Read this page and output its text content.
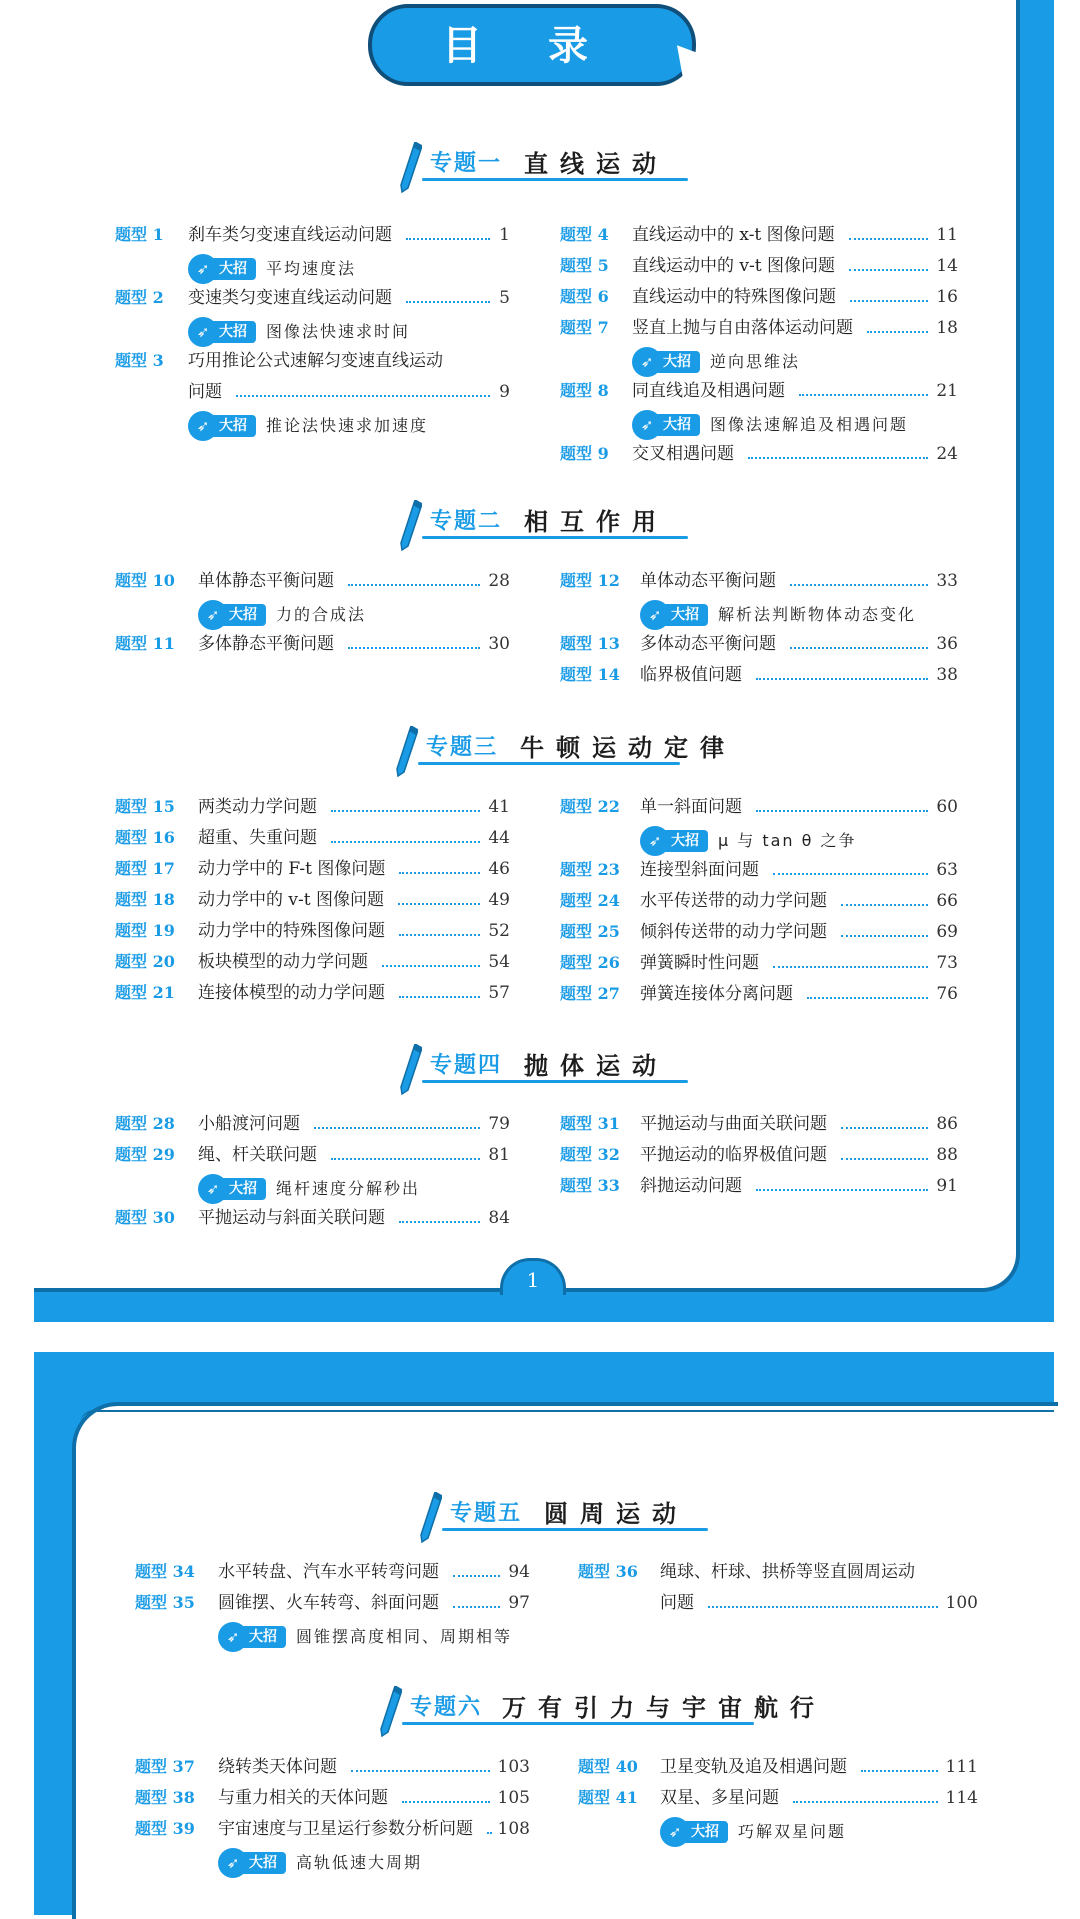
1
目 录
专题一 直线运动
题型 1 刹车类匀变速直线运动问题	1
➶ 大招	平均速度法
题型 2 变速类匀变速直线运动问题	5
➶ 大招	图像法快速求时间
题型 3 巧用推论公式速解匀变速直线运动
问题	9
➶ 大招	推论法快速求加速度
题型 4 直线运动中的 x-t 图像问题	11
题型 5 直线运动中的 v-t 图像问题	14
题型 6 直线运动中的特殊图像问题	16
题型 7 竖直上抛与自由落体运动问题	18
➶ 大招	逆向思维法
题型 8 同直线追及相遇问题	21
➶ 大招	图像法速解追及相遇问题
题型 9 交叉相遇问题	24
专题二 相互作用
题型 10 单体静态平衡问题	28
➶ 大招	力的合成法
题型 11 多体静态平衡问题	30
题型 12 单体动态平衡问题	33
➶ 大招	解析法判断物体动态变化
题型 13 多体动态平衡问题	36
题型 14 临界极值问题	38
专题三 牛顿运动定律
题型 15 两类动力学问题	41
题型 16 超重、失重问题	44
题型 17 动力学中的 F-t 图像问题	46
题型 18 动力学中的 v-t 图像问题	49
题型 19 动力学中的特殊图像问题	52
题型 20 板块模型的动力学问题	54
题型 21 连接体模型的动力学问题	57
题型 22 单一斜面问题	60
➶ 大招	μ 与 tan θ 之争
题型 23 连接型斜面问题	63
题型 24 水平传送带的动力学问题	66
题型 25 倾斜传送带的动力学问题	69
题型 26 弹簧瞬时性问题	73
题型 27 弹簧连接体分离问题	76
专题四 抛体运动
题型 28 小船渡河问题	79
题型 29 绳、杆关联问题	81
➶ 大招	绳杆速度分解秒出
题型 30 平抛运动与斜面关联问题	84
题型 31 平抛运动与曲面关联问题	86
题型 32 平抛运动的临界极值问题	88
题型 33 斜抛运动问题	91
专题五 圆周运动
题型 34 水平转盘、汽车水平转弯问题	94
题型 35 圆锥摆、火车转弯、斜面问题	97
➶ 大招	圆锥摆高度相同、周期相等
题型 36 绳球、杆球、拱桥等竖直圆周运动
问题	100
专题六 万有引力与宇宙航行
题型 37 绕转类天体问题	103
题型 38 与重力相关的天体问题	105
题型 39 宇宙速度与卫星运行参数分析问题	108
➶ 大招	高轨低速大周期
题型 40 卫星变轨及追及相遇问题	111
题型 41 双星、多星问题	114
➶ 大招	巧解双星问题
